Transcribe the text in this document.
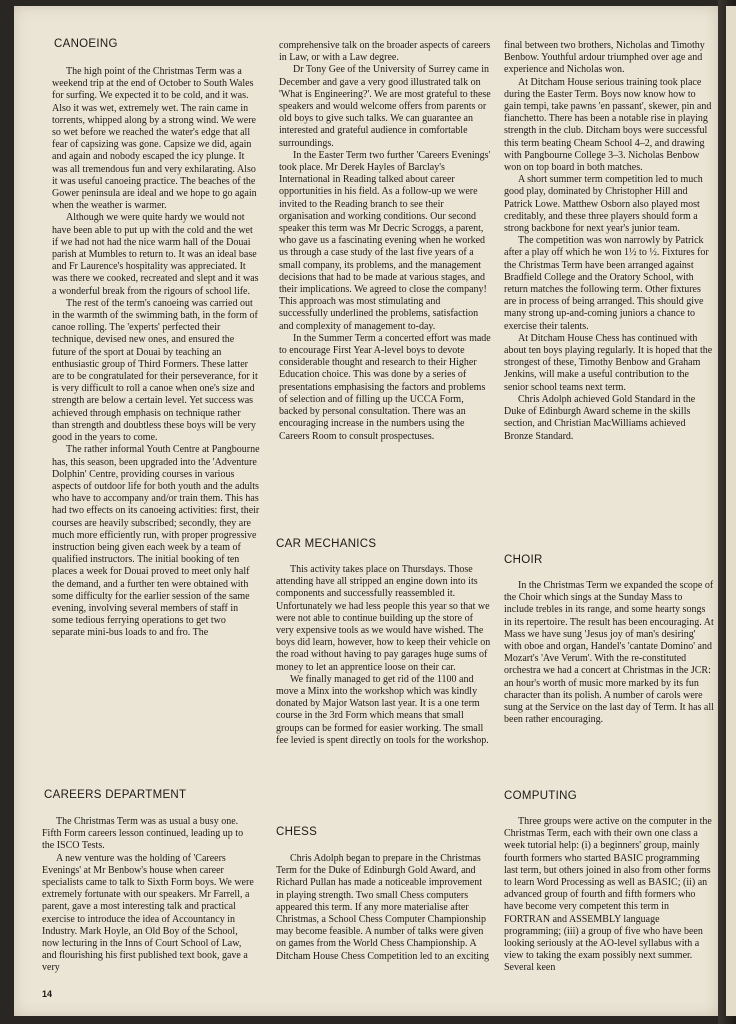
CANOEING

The high point of the Christmas Term was a weekend trip at the end of October to South Wales for surfing. We expected it to be cold, and it was. Also it was wet, extremely wet. The rain came in torrents, whipped along by a strong wind. We were so wet before we reached the water's edge that all fear of capsizing was gone. Capsize we did, again and again and nobody escaped the icy plunge. It was all tremendous fun and very exhilarating. Also it was useful canoeing practice. The beaches of the Gower peninsula are ideal and we hope to go again when the weather is warmer.

Although we were quite hardy we would not have been able to put up with the cold and the wet if we had not had the nice warm hall of the Douai parish at Mumbles to return to. It was an ideal base and Fr Laurence's hospitality was appreciated. It was there we cooked, recreated and slept and it was a wonderful break from the rigours of school life.

The rest of the term's canoeing was carried out in the warmth of the swimming bath, in the form of canoe rolling. The 'experts' perfected their technique, devised new ones, and ensured the future of the sport at Douai by teaching an enthusiastic group of Third Formers. These latter are to be congratulated for their perseverance, for it is very difficult to roll a canoe when one's size and strength are below a certain level. Yet success was achieved through emphasis on technique rather than strength and doubtless these boys will be very good in the years to come.

The rather informal Youth Centre at Pangbourne has, this season, been upgraded into the 'Adventure Dolphin' Centre, providing courses in various aspects of outdoor life for both youth and the adults who have to accompany and/or train them. This has had two effects on its canoeing activities: first, their courses are heavily subscribed; secondly, they are much more efficiently run, with proper progressive instruction being given each week by a team of qualified instructors. The initial booking of ten places a week for Douai proved to meet only half the demand, and a further ten were obtained with some difficulty for the earlier session of the same evening, involving several members of staff in some tedious ferrying operations to get two separate mini-bus loads to and fro. The

CAREERS DEPARTMENT

The Christmas Term was as usual a busy one. Fifth Form careers lesson continued, leading up to the ISCO Tests.

A new venture was the holding of 'Careers Evenings' at Mr Benbow's house when career specialists came to talk to Sixth Form boys. We were extremely fortunate with our speakers. Mr Farrell, a parent, gave a most interesting talk and practical exercise to introduce the idea of Accountancy in Industry. Mark Hoyle, an Old Boy of the School, now lecturing in the Inns of Court School of Law, and flourishing his first published text book, gave a very

comprehensive talk on the broader aspects of careers in Law, or with a Law degree.

Dr Tony Gee of the University of Surrey came in December and gave a very good illustrated talk on 'What is Engineering?'. We are most grateful to these speakers and would welcome offers from parents or old boys to give such talks. We can guarantee an interested and grateful audience in comfortable surroundings.

In the Easter Term two further 'Careers Evenings' took place. Mr Derek Hayles of Barclay's International in Reading talked about career opportunities in his field. As a follow-up we were invited to the Reading branch to see their organisation and working conditions. Our second speaker this term was Mr Decric Scroggs, a parent, who gave us a fascinating evening when he worked us through a case study of the last five years of a small company, its problems, and the management decisions that had to be made at various stages, and their implications. We agreed to close the company! This approach was most stimulating and successfully underlined the problems, satisfaction and complexity of management to-day.

In the Summer Term a concerted effort was made to encourage First Year A-level boys to devote considerable thought and research to their Higher Education choice. This was done by a series of presentations emphasising the factors and problems of selection and of filling up the UCCA Form, backed by personal consultation. There was an encouraging increase in the numbers using the Careers Room to consult prospectuses.

CAR MECHANICS

This activity takes place on Thursdays. Those attending have all stripped an engine down into its components and successfully reassembled it. Unfortunately we had less people this year so that we were not able to continue building up the store of very expensive tools as we would have wished. The boys did learn, however, how to keep their vehicle on the road without having to pay garages huge sums of money to let an apprentice loose on their car.

We finally managed to get rid of the 1100 and move a Minx into the workshop which was kindly donated by Major Watson last year. It is a one term course in the 3rd Form which means that small groups can be formed for easier working. The small fee levied is spent directly on tools for the workshop.

CHESS

Chris Adolph began to prepare in the Christmas Term for the Duke of Edinburgh Gold Award, and Richard Pullan has made a noticeable improvement in playing strength. Two small Chess computers appeared this term. If any more materialise after Christmas, a School Chess Computer Championship may become feasible. A number of talks were given on games from the World Chess Championship. A Ditcham House Chess Competition led to an exciting

final between two brothers, Nicholas and Timothy Benbow. Youthful ardour triumphed over age and experience and Nicholas won.

At Ditcham House serious training took place during the Easter Term. Boys now know how to gain tempi, take pawns 'en passant', skewer, pin and fianchetto. There has been a notable rise in playing strength in the club. Ditcham boys were successful this term beating Cheam School 4–2, and drawing with Pangbourne College 3–3. Nicholas Benbow won on top board in both matches.

A short summer term competition led to much good play, dominated by Christopher Hill and Patrick Lowe. Matthew Osborn also played most creditably, and these three players should form a strong backbone for next year's junior team.

The competition was won narrowly by Patrick after a play off which he won 1½ to ½. Fixtures for the Christmas Term have been arranged against Bradfield College and the Oratory School, with return matches the following term. Other fixtures are in process of being arranged. This should give many strong up-and-coming juniors a chance to exercise their talents.

At Ditcham House Chess has continued with about ten boys playing regularly. It is hoped that the strongest of these, Timothy Benbow and Graham Jenkins, will make a useful contribution to the senior school teams next term.

Chris Adolph achieved Gold Standard in the Duke of Edinburgh Award scheme in the skills section, and Christian MacWilliams achieved Bronze Standard.

CHOIR

In the Christmas Term we expanded the scope of the Choir which sings at the Sunday Mass to include trebles in its range, and some hearty songs in its repertoire. The result has been encouraging. At Mass we have sung 'Jesus joy of man's desiring' with oboe and organ, Handel's 'cantate Domino' and Mozart's 'Ave Verum'. With the re-constituted orchestra we had a concert at Christmas in the JCR: an hour's worth of music more marked by its fun character than its polish. A number of carols were sung at the Service on the last day of Term. It has all been rather encouraging.

COMPUTING

Three groups were active on the computer in the Christmas Term, each with their own one class a week tutorial help: (i) a beginners' group, mainly fourth formers who started BASIC programming last term, but others joined in also from other forms to learn Word Processing as well as BASIC; (ii) an advanced group of fourth and fifth formers who have become very competent this term in FORTRAN and ASSEMBLY language programming; (iii) a group of five who have been looking seriously at the AO-level syllabus with a view to taking the exam possibly next summer. Several keen

14
